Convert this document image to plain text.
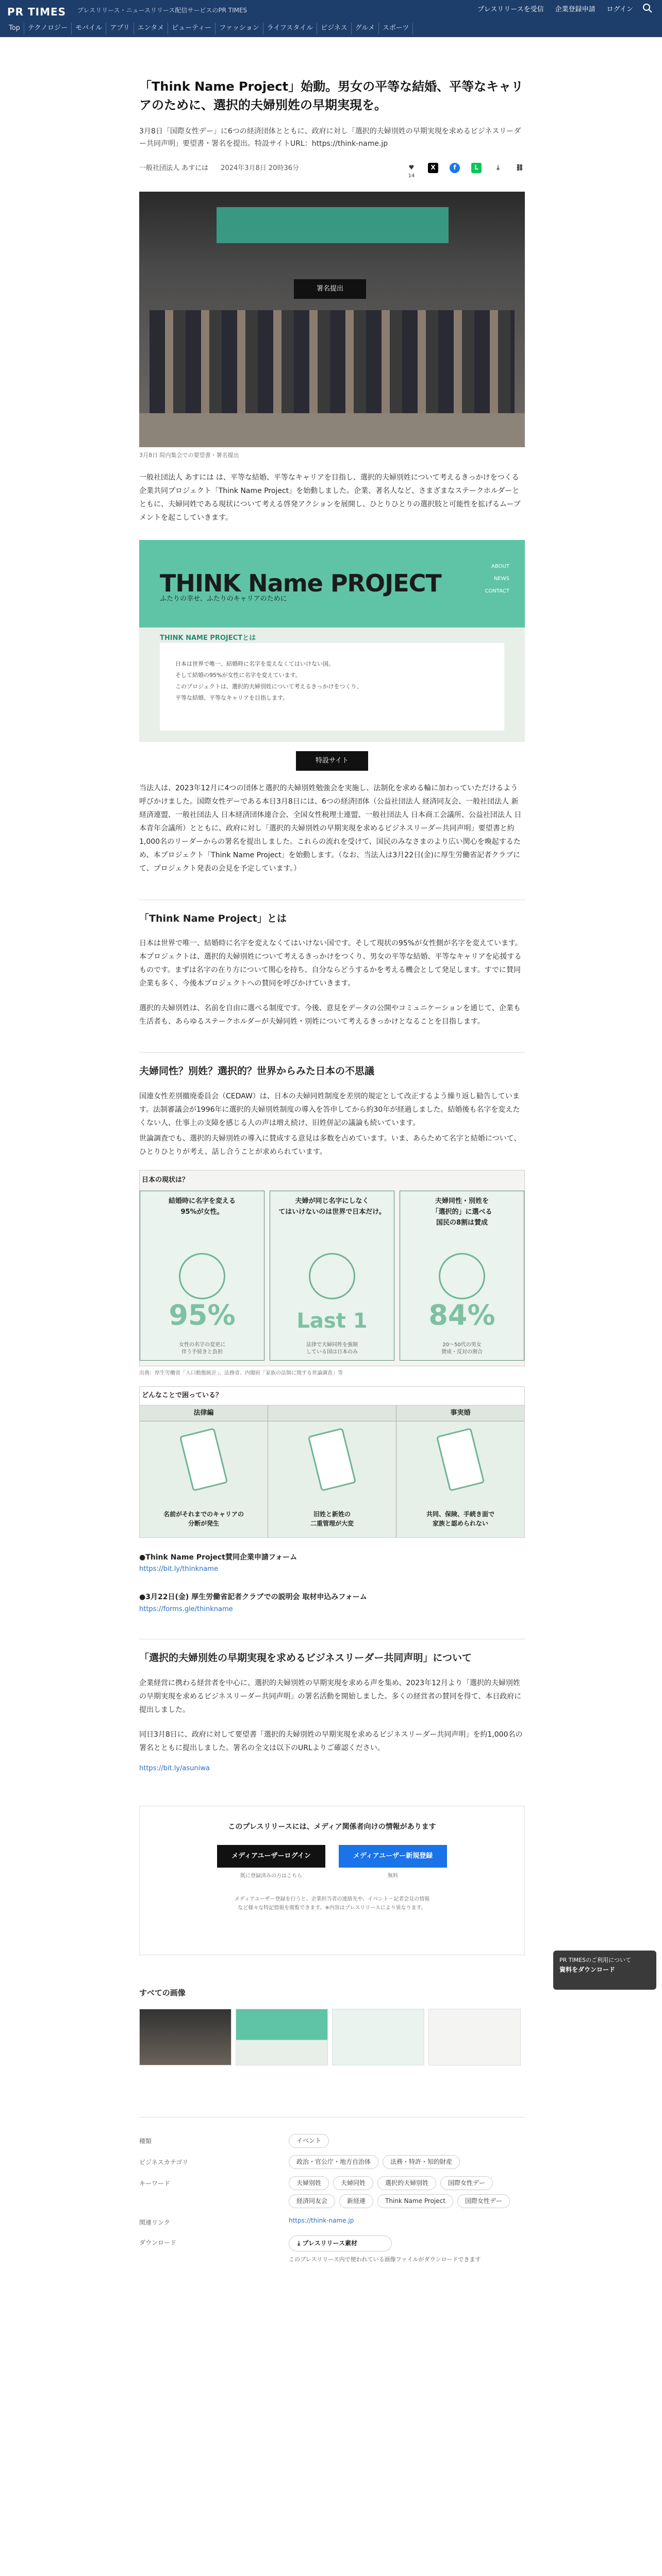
PR TIMES プレスリリース・ニュースリリース配信サービスのPR TIMES	プレスリリースを受信 企業登録申請 ログイン
Top	テクノロジー	モバイル	アプリ	エンタメ	ビューティー	ファッション	ライフスタイル	ビジネス	グルメ	スポーツ
「Think Name Project」始動。男女の平等な結婚、平等なキャリアのために、選択的夫婦別姓の早期実現を。
3月8日「国際女性デー」に6つの経済団体とともに、政府に対し「選択的夫婦別姓の早期実現を求めるビジネスリーダー共同声明」要望書・署名を提出。特設サイトURL：https://think-name.jp
一般社団法人 あすには 2024年3月8日 20時36分	♥
14
X	f	L	⤓	⛓
署名提出
3月8日 院内集会での要望書・署名提出

一般社団法人 あすには は、平等な結婚、平等なキャリアを目指し、選択的夫婦別姓について考えるきっかけをつくる企業共同プロジェクト「Think Name Project」を始動しました。企業、著名人など、さまざまなステークホルダーとともに、夫婦同姓である現状について考える啓発アクションを展開し、ひとりひとりの選択肢と可能性を拡げるムーブメントを起こしていきます。

THINK Name PROJECT
ふたりの幸せ、ふたりのキャリアのために
ABOUT
NEWS
CONTACT
THINK NAME PROJECTとは
日本は世界で唯一、結婚時に名字を変えなくてはいけない国。
そして結婚の95%が女性に名字を変えています。
このプロジェクトは、選択的夫婦別姓について考えるきっかけをつくり、
平等な結婚、平等なキャリアを目指します。
特設サイト

当法人は、2023年12月に4つの団体と選択的夫婦別姓勉強会を実施し、法制化を求める輪に加わっていただけるよう呼びかけました。国際女性デーである本日3月8日には、6つの経済団体（公益社団法人 経済同友会、一般社団法人 新経済連盟、一般社団法人 日本経済団体連合会、全国女性税理士連盟、一般社団法人 日本商工会議所、公益社団法人 日本青年会議所）とともに、政府に対し「選択的夫婦別姓の早期実現を求めるビジネスリーダー共同声明」要望書と約1,000名のリーダーからの署名を提出しました。これらの流れを受けて、国民のみなさまのより広い関心を喚起するため、本プロジェクト「Think Name Project」を始動します。（なお、当法人は3月22日(金)に厚生労働省記者クラブにて、プロジェクト発表の会見を予定しています。）

「Think Name Project」とは

日本は世界で唯一、結婚時に名字を変えなくてはいけない国です。そして現状の95%が女性側が名字を変えています。本プロジェクトは、選択的夫婦別姓について考えるきっかけをつくり、男女の平等な結婚、平等なキャリアを応援するものです。まずは名字の在り方について関心を持ち、自分ならどうするかを考える機会として発足します。すでに賛同企業も多く、今後本プロジェクトへの賛同を呼びかけていきます。

選択的夫婦別姓は、名前を自由に選べる制度です。今後、意見をデータの公開やコミュニケーションを通じて、企業も生活者も、あらゆるステークホルダーが夫婦同姓・別姓について考えるきっかけとなることを目指します。

夫婦同性？別姓？選択的？世界からみた日本の不思議

国連女性差別撤廃委員会（CEDAW）は、日本の夫婦同姓制度を差別的規定として改正するよう繰り返し勧告しています。法制審議会が1996年に選択的夫婦別姓制度の導入を答申してから約30年が経過しました。結婚後も名字を変えたくない人、仕事上の支障を感じる人の声は増え続け、旧姓併記の議論も続いています。

世論調査でも、選択的夫婦別姓の導入に賛成する意見は多数を占めています。いま、あらためて名字と結婚について、ひとりひとりが考え、話し合うことが求められています。

日本の現状は？
結婚時に名字を変える
95%が女性。
95%
女性の名字の変更に
伴う手続きと負担
夫婦が同じ名字にしなく
てはいけないのは世界で日本だけ。
Last 1
法律で夫婦同姓を強制
している国は日本のみ
夫婦同性・別姓を
「選択的」に選べる
国民の8割は賛成
84%
20〜50代の男女
賛成・反対の割合
出典：厚生労働省「人口動態統計」、法務省、内閣府「家族の法制に関する世論調査」等
どんなことで困っている？
法律編
名前がそれまでのキャリアの
分断が発生
旧姓と新姓の
二重管理が大変
事実婚
共同、保険、手続き面で
家族と認められない
●Think Name Project賛同企業申請フォーム
https://bit.ly/thinkname
●3月22日(金) 厚生労働省記者クラブでの説明会 取材申込みフォーム
https://forms.gle/thinkname
「選択的夫婦別姓の早期実現を求めるビジネスリーダー共同声明」について

企業経営に携わる経営者を中心に、選択的夫婦別姓の早期実現を求める声を集め、2023年12月より「選択的夫婦別姓の早期実現を求めるビジネスリーダー共同声明」の署名活動を開始しました。多くの経営者の賛同を得て、本日政府に提出しました。

同日3月8日に、政府に対して要望書「選択的夫婦別姓の早期実現を求めるビジネスリーダー共同声明」を約1,000名の署名とともに提出しました。署名の全文は以下のURLよりご確認ください。

https://bit.ly/asuniwa
このプレスリリースには、メディア関係者向けの情報があります
メディアユーザーログイン
既に登録済みの方はこちら
メディアユーザー新規登録
無料
メディアユーザー登録を行うと、企業担当者の連絡先や、イベント・記者会見の情報など様々な特記情報を閲覧できます。※内容はプレスリリースにより異なります。
すべての画像
種類	イベント
ビジネスカテゴリ	政治・官公庁・地方自治体	法務・特許・知的財産
キーワード	夫婦別姓	夫婦同姓	選択的夫婦別姓	国際女性デー
経済同友会	新経連	Think Name Project	国際女性デー
関連リンク	https://think-name.jp
ダウンロード	⤓ プレスリリース素材
このプレスリリース内で使われている画像ファイルがダウンロードできます
PR TIMESのご利用について
資料をダウンロード
